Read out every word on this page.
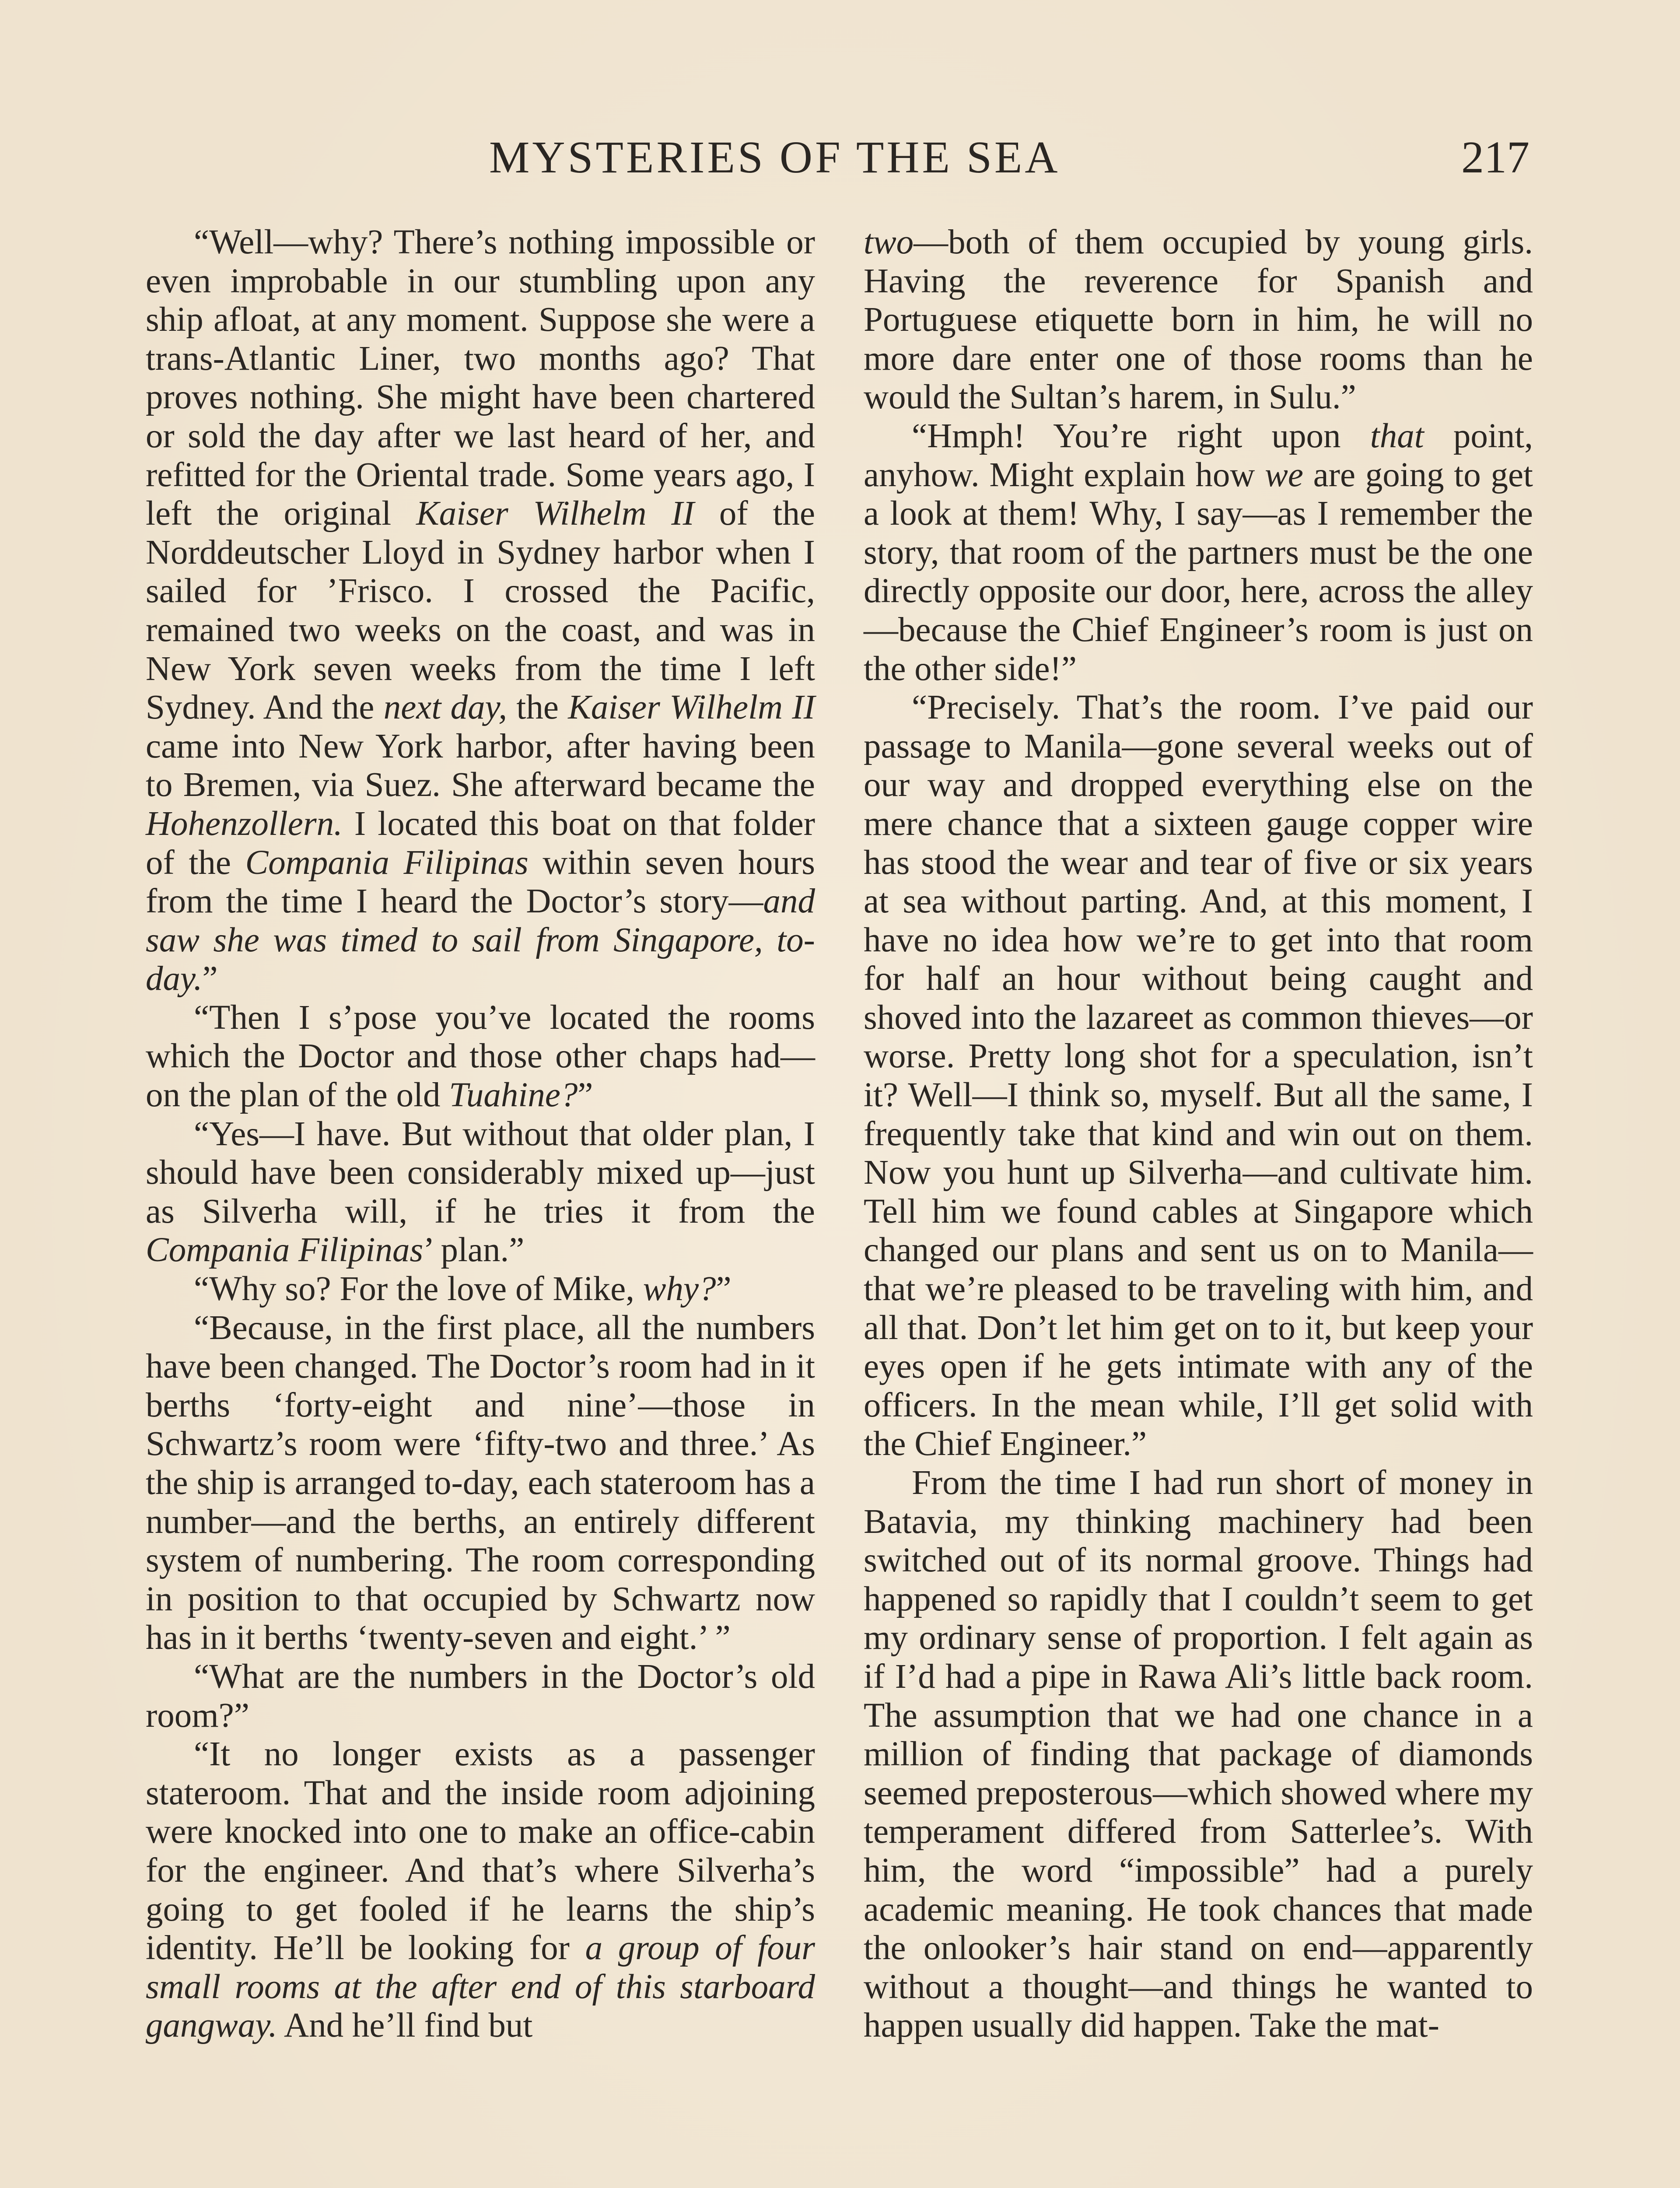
MYSTERIES OF THE SEA	217

“Well—why? There’s nothing impossible or even improbable in our stumbling upon any ship afloat, at any moment. Suppose she were a trans-Atlantic Liner, two months ago? That proves nothing. She might have been chartered or sold the day after we last heard of her, and refitted for the Oriental trade. Some years ago, I left the original Kaiser Wilhelm II of the Norddeutscher Lloyd in Sydney harbor when I sailed for ’Frisco. I crossed the Pacific, remained two weeks on the coast, and was in New York seven weeks from the time I left Sydney. And the next day, the Kaiser Wilhelm II came into New York harbor, after having been to Bremen, via Suez. She afterward became the Hohenzollern. I located this boat on that folder of the Compania Filipinas within seven hours from the time I heard the Doctor’s story—and saw she was timed to sail from Singapore, to-day.”

“Then I s’pose you’ve located the rooms which the Doctor and those other chaps had—on the plan of the old Tuahine?”

“Yes—I have. But without that older plan, I should have been considerably mixed up—just as Silverha will, if he tries it from the Compania Filipinas’ plan.”

“Why so? For the love of Mike, why?”

“Because, in the first place, all the numbers have been changed. The Doctor’s room had in it berths ‘forty-eight and nine’—those in Schwartz’s room were ‘fifty-two and three.’ As the ship is arranged to-day, each stateroom has a number—and the berths, an entirely different system of numbering. The room corresponding in position to that occupied by Schwartz now has in it berths ‘twenty-seven and eight.’ ”

“What are the numbers in the Doctor’s old room?”

“It no longer exists as a passenger stateroom. That and the inside room adjoining were knocked into one to make an office-cabin for the engineer. And that’s where Silverha’s going to get fooled if he learns the ship’s identity. He’ll be looking for a group of four small rooms at the after end of this starboard gangway. And he’ll find but

two—both of them occupied by young girls. Having the reverence for Spanish and Portuguese etiquette born in him, he will no more dare enter one of those rooms than he would the Sultan’s harem, in Sulu.”

“Hmph! You’re right upon that point, anyhow. Might explain how we are going to get a look at them! Why, I say—as I remember the story, that room of the partners must be the one directly opposite our door, here, across the alley—because the Chief Engineer’s room is just on the other side!”

“Precisely. That’s the room. I’ve paid our passage to Manila—gone several weeks out of our way and dropped everything else on the mere chance that a sixteen gauge copper wire has stood the wear and tear of five or six years at sea without parting. And, at this moment, I have no idea how we’re to get into that room for half an hour without being caught and shoved into the lazareet as common thieves—or worse. Pretty long shot for a speculation, isn’t it? Well—I think so, myself. But all the same, I frequently take that kind and win out on them. Now you hunt up Silverha—and cultivate him. Tell him we found cables at Singapore which changed our plans and sent us on to Manila—that we’re pleased to be traveling with him, and all that. Don’t let him get on to it, but keep your eyes open if he gets intimate with any of the officers. In the mean while, I’ll get solid with the Chief Engineer.”

From the time I had run short of money in Batavia, my thinking machinery had been switched out of its normal groove. Things had happened so rapidly that I couldn’t seem to get my ordinary sense of proportion. I felt again as if I’d had a pipe in Rawa Ali’s little back room. The assumption that we had one chance in a million of finding that package of diamonds seemed preposterous—which showed where my temperament differed from Satterlee’s. With him, the word “impossible” had a purely academic meaning. He took chances that made the onlooker’s hair stand on end—apparently without a thought—and things he wanted to happen usually did happen. Take the mat-
